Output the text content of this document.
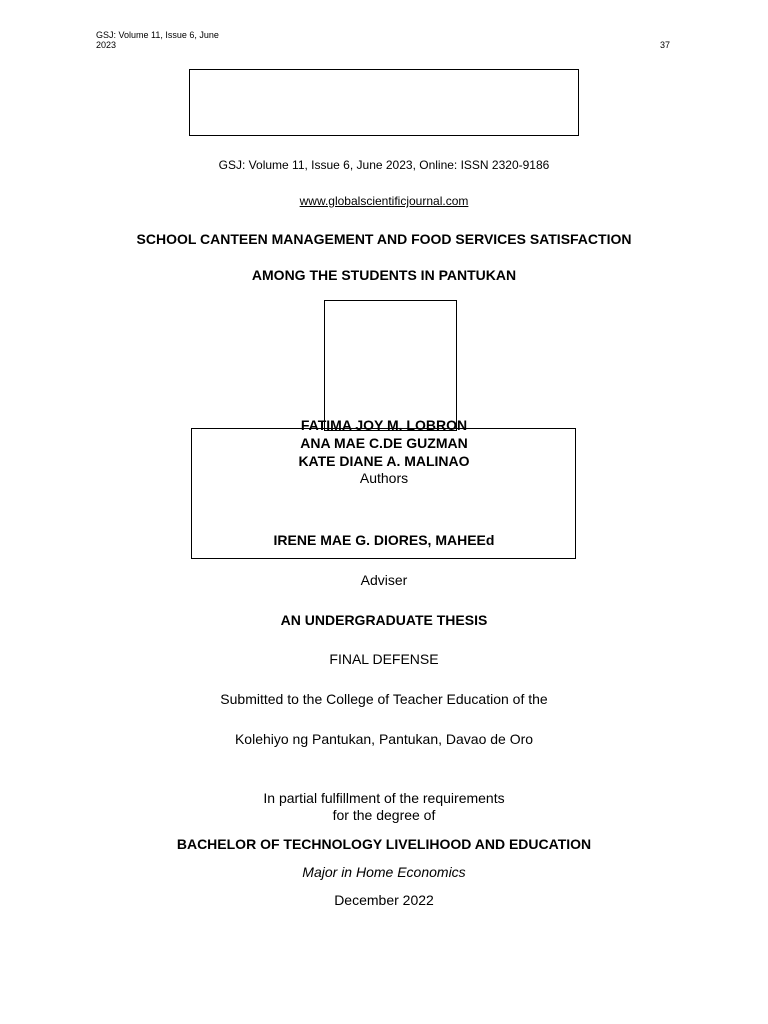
GSJ: Volume 11, Issue 6, June
2023	37
GSJ: Volume 11, Issue 6, June 2023, Online: ISSN 2320-9186
www.globalscientificjournal.com
SCHOOL CANTEEN MANAGEMENT AND FOOD SERVICES SATISFACTION
AMONG THE STUDENTS IN PANTUKAN
FATIMA JOY M. LOBRON
ANA MAE C.DE GUZMAN
KATE DIANE A. MALINAO
Authors
IRENE MAE G. DIORES, MAHEEd
Adviser
AN UNDERGRADUATE THESIS
FINAL DEFENSE
Submitted to the College of Teacher Education of the
Kolehiyo ng Pantukan, Pantukan, Davao de Oro
In partial fulfillment of the requirements
for the degree of
BACHELOR OF TECHNOLOGY LIVELIHOOD AND EDUCATION
Major in Home Economics
December 2022
